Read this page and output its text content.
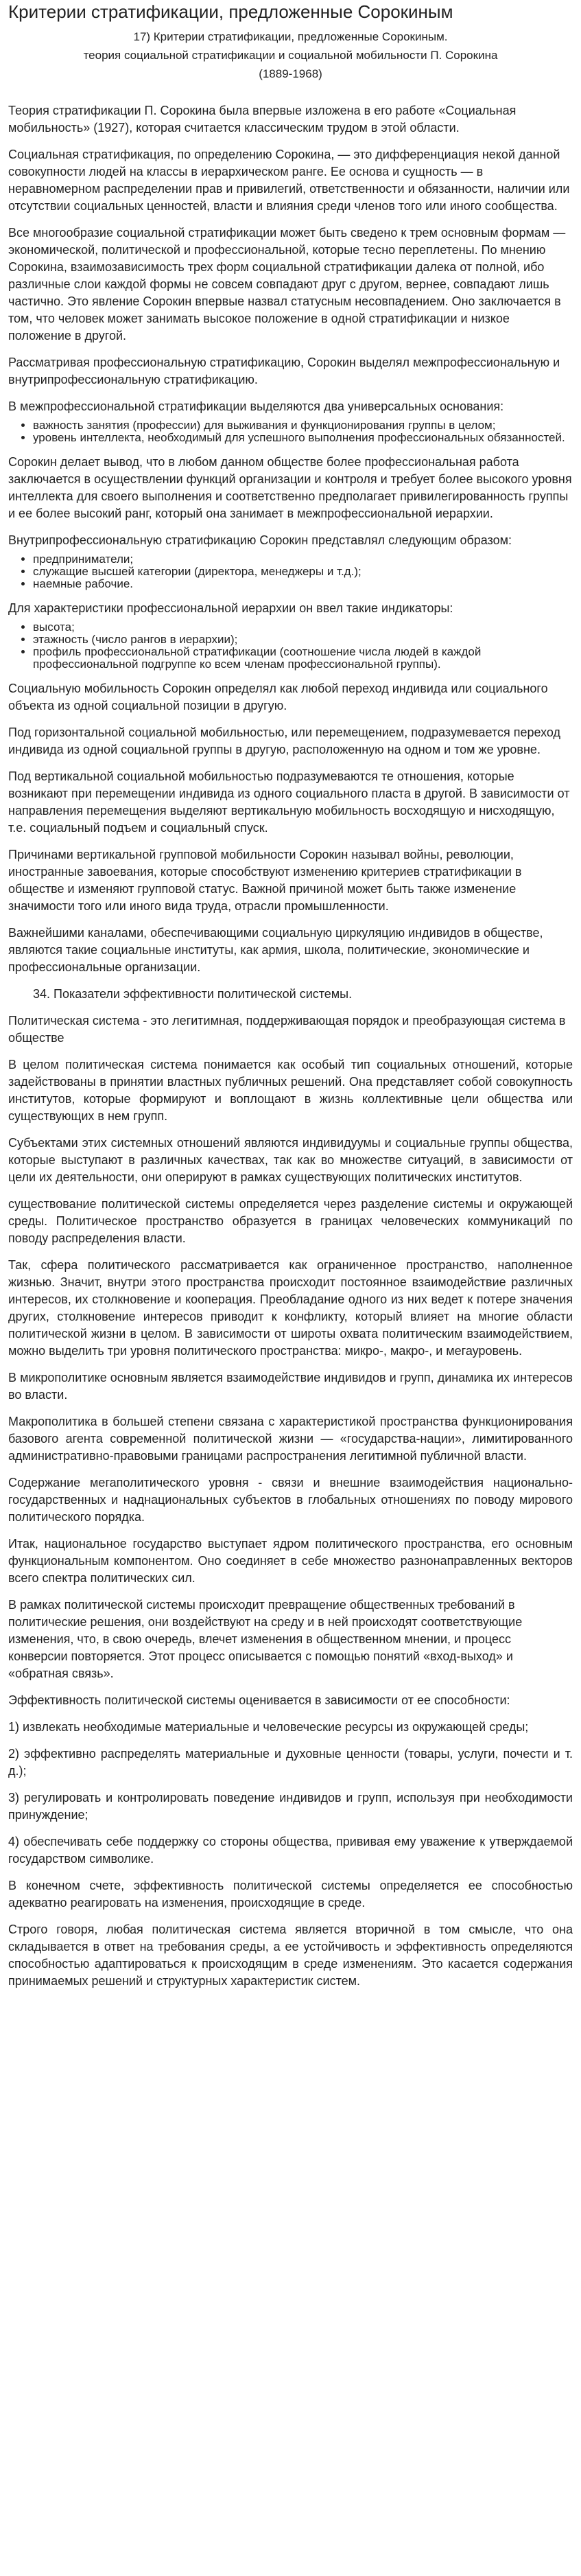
Критерии стратификации, предложенные Сорокиным

17) Критерии стратификации, предложенные Сорокиным.

теория социальной стратификации и социальной мобильности П. Сорокина

(1889-1968)

Теория стратификации П. Сорокина была впервые изложена в его работе «Социальная мобильность» (1927), которая считается классическим трудом в этой области.

Социальная стратификация, по определению Сорокина, — это дифференциация некой данной совокупности людей на классы в иерархическом ранге. Ее основа и сущность — в неравномерном распределении прав и привилегий, ответственности и обязанности, наличии или отсутствии социальных ценностей, власти и влияния среди членов того или иного сообщества.

Все многообразие социальной стратификации может быть сведено к трем основным формам — экономической, политической и профессиональной, которые тесно переплетены. По мнению Сорокина, взаимозависимость трех форм социальной стратификации далека от полной, ибо различные слои каждой формы не совсем совпадают друг с другом, вернее, совпадают лишь частично. Это явление Сорокин впервые назвал статусным несовпадением. Оно заключается в том, что человек может занимать высокое положение в одной стратификации и низкое положение в другой.

Рассматривая профессиональную стратификацию, Сорокин выделял межпрофессиональную и внутрипрофессиональную стратификацию.

В межпрофессиональной стратификации выделяются два универсальных основания:

• важность занятия (профессии) для выживания и функционирования группы в целом;
• уровень интеллекта, необходимый для успешного выполнения профессиональных обязанностей.

Сорокин делает вывод, что в любом данном обществе более профессиональная работа заключается в осуществлении функций организации и контроля и требует более высокого уровня интеллекта для своего выполнения и соответственно предполагает привилегированность группы и ее более высокий ранг, который она занимает в межпрофессиональной иерархии.

Внутрипрофессиональную стратификацию Сорокин представлял следующим образом:

• предприниматели;
• служащие высшей категории (директора, менеджеры и т.д.);
• наемные рабочие.

Для характеристики профессиональной иерархии он ввел такие индикаторы:

• высота;
• этажность (число рангов в иерархии);
• профиль профессиональной стратификации (соотношение числа людей в каждой профессиональной подгруппе ко всем членам профессиональной группы).

Социальную мобильность Сорокин определял как любой переход индивида или социального объекта из одной социальной позиции в другую.

Под горизонтальной социальной мобильностью, или перемещением, подразумевается переход индивида из одной социальной группы в другую, расположенную на одном и том же уровне.

Под вертикальной социальной мобильностью подразумеваются те отношения, которые возникают при перемещении индивида из одного социального пласта в другой. В зависимости от направления перемещения выделяют вертикальную мобильность восходящую и нисходящую, т.е. социальный подъем и социальный спуск.

Причинами вертикальной групповой мобильности Сорокин называл войны, революции, иностранные завоевания, которые способствуют изменению критериев стратификации в обществе и изменяют групповой статус. Важной причиной может быть также изменение значимости того или иного вида труда, отрасли промышленности.

Важнейшими каналами, обеспечивающими социальную циркуляцию индивидов в обществе, являются такие социальные институты, как армия, школа, политические, экономические и профессиональные организации.

34. Показатели эффективности политической системы.

Политическая система - это легитимная, поддерживающая порядок и преобразующая система в обществе

В целом политическая система понимается как особый тип социальных отношений, которые задействованы в принятии властных публичных решений. Она представляет собой совокупность институтов, которые формируют и воплощают в жизнь коллективные цели общества или существующих в нем групп.

Субъектами этих системных отношений являются индивидуумы и социальные группы общества, которые выступают в различных качествах, так как во множестве ситуаций, в зависимости от цели их деятельности, они оперируют в рамках существующих политических институтов.

существование политической системы определяется через разделение системы и окружающей среды. Политическое пространство образуется в границах человеческих коммуникаций по поводу распределения власти.

Так, сфера политического рассматривается как ограниченное пространство, наполненное жизнью. Значит, внутри этого пространства происходит постоянное взаимодействие различных интересов, их столкновение и кооперация. Преобладание одного из них ведет к потере значения других, столкновение интересов приводит к конфликту, который влияет на многие области политической жизни в целом. В зависимости от широты охвата политическим взаимодействием, можно выделить три уровня политического пространства: микро-, макро-, и мегауровень.

В микрополитике основным является взаимодействие индивидов и групп, динамика их интересов во власти.

Макрополитика в большей степени связана с характеристикой пространства функционирования базового агента современной политической жизни — «государства-нации», лимитированного административно-правовыми границами распространения легитимной публичной власти.

Содержание мегаполитического уровня - связи и внешние взаимодействия национально-государственных и наднациональных субъектов в глобальных отношениях по поводу мирового политического порядка.

Итак, национальное государство выступает ядром политического пространства, его основным функциональным компонентом. Оно соединяет в себе множество разнонаправленных векторов всего спектра политических сил.

В рамках политической системы происходит превращение общественных требований в политические решения, они воздействуют на среду и в ней происходят соответствующие изменения, что, в свою очередь, влечет изменения в общественном мнении, и процесс конверсии повторяется. Этот процесс описывается с помощью понятий «вход-выход» и «обратная связь».

Эффективность политической системы оценивается в зависимости от ее способности:

1) извлекать необходимые материальные и человеческие ресурсы из окружающей среды;

2) эффективно распределять материальные и духовные ценности (товары, услуги, почести и т. д.);

3) регулировать и контролировать поведение индивидов и групп, используя при необходимости принуждение;

4) обеспечивать себе поддержку со стороны общества, прививая ему уважение к утверждаемой государством символике.

В конечном счете, эффективность политической системы определяется ее способностью адекватно реагировать на изменения, происходящие в среде.

Строго говоря, любая политическая система является вторичной в том смысле, что она складывается в ответ на требования среды, а ее устойчивость и эффективность определяются способностью адаптироваться к происходящим в среде изменениям. Это касается содержания принимаемых решений и структурных характеристик систем.
